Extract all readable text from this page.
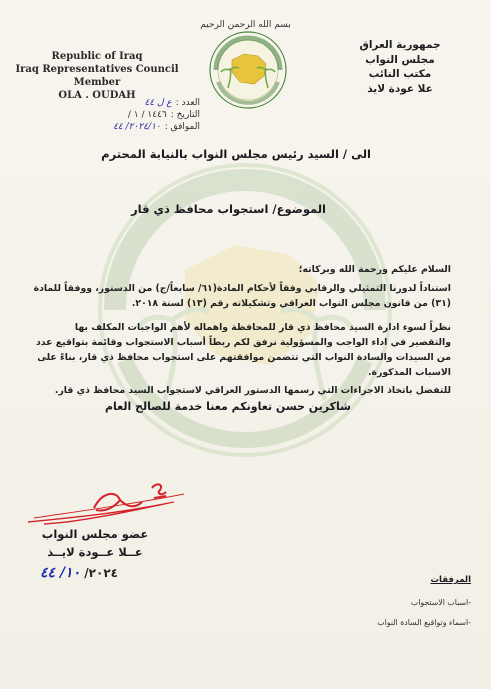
بسم الله الرحمن الرحيم
Republic of Iraq
Iraq Representatives Council
Member
OLA . OUDAH
جمهورية العراق
مجلس النواب
مكتب النائب
علا عودة لايذ
العدد :
ع ل ٤٤
التاريخ :
١٤٤٦ / ١ /
الموافق :
٢٠٢٤/١٠/ ٤٤
الى / السيد رئيس مجلس النواب بالنيابة المحترم
الموضوع/ استجواب محافظ ذي قار
السلام عليكم ورحمة الله وبركاته؛
استناداً لدورنا التمثيلي والرقابي وفقاً لأحكام المادة(٦١/ سابعاً/ج) من الدستور، ووفقاً للمادة (٣١) من قانون مجلس النواب العراقي وتشكيلاته رقم (١٣) لسنة ٢٠١٨.
نظراً لسوء ادارة السيد محافظ ذي قار للمحافظة واهماله لأهم الواجبات المكلف بها والتقصير في اداء الواجب والمسؤولية نرفق لكم ربطاً أسباب الاستجواب وقائمة بتواقيع عدد من السيدات والسادة النواب التي تتضمن موافقتهم على استجواب محافظ ذي قار، بناءً على الاسباب المذكورة.
للتفضل باتخاذ الاجراءات التي رسمها الدستور العراقي لاستجواب السيد محافظ ذي قار.
شاكرين حسن تعاونكم معنا خدمة للصالح العام
عضو مجلس النواب
عــلا عــودة لايــذ
٢٠٢٤/ ١٠/ ٤٤	المرفقات
-اسباب الاستجواب
-اسماء وتواقيع السادة النواب
